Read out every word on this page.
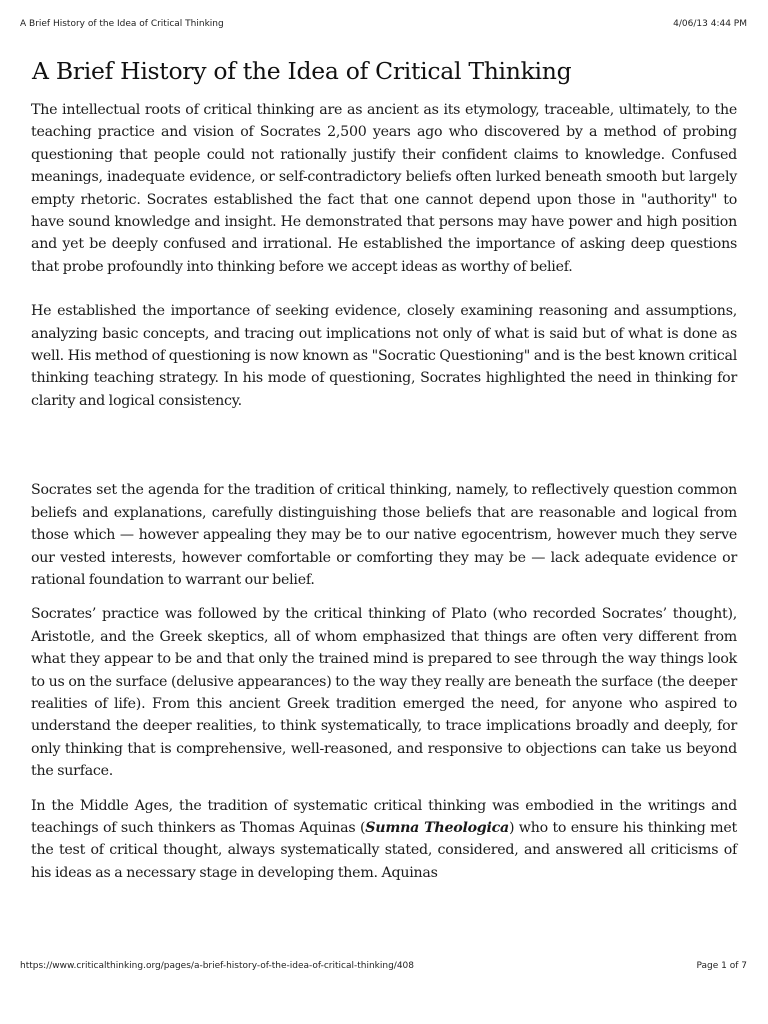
A Brief History of the Idea of Critical Thinking	4/06/13 4:44 PM
A Brief History of the Idea of Critical Thinking

The intellectual roots of critical thinking are as ancient as its etymology, traceable, ultimately, to the teaching practice and vision of Socrates 2,500 years ago who discovered by a method of probing questioning that people could not rationally justify their confident claims to knowledge. Confused meanings, inadequate evidence, or self-contradictory beliefs often lurked beneath smooth but largely empty rhetoric. Socrates established the fact that one cannot depend upon those in "authority" to have sound knowledge and insight. He demonstrated that persons may have power and high position and yet be deeply confused and irrational. He established the importance of asking deep questions that probe profoundly into thinking before we accept ideas as worthy of belief.

He established the importance of seeking evidence, closely examining reasoning and assumptions, analyzing basic concepts, and tracing out implications not only of what is said but of what is done as well. His method of questioning is now known as "Socratic Questioning" and is the best known critical thinking teaching strategy. In his mode of questioning, Socrates highlighted the need in thinking for clarity and logical consistency.

Socrates set the agenda for the tradition of critical thinking, namely, to reflectively question common beliefs and explanations, carefully distinguishing those beliefs that are reasonable and logical from those which — however appealing they may be to our native egocentrism, however much they serve our vested interests, however comfortable or comforting they may be — lack adequate evidence or rational foundation to warrant our belief.

Socrates’ practice was followed by the critical thinking of Plato (who recorded Socrates’ thought), Aristotle, and the Greek skeptics, all of whom emphasized that things are often very different from what they appear to be and that only the trained mind is prepared to see through the way things look to us on the surface (delusive appearances) to the way they really are beneath the surface (the deeper realities of life). From this ancient Greek tradition emerged the need, for anyone who aspired to understand the deeper realities, to think systematically, to trace implications broadly and deeply, for only thinking that is comprehensive, well-reasoned, and responsive to objections can take us beyond the surface.

In the Middle Ages, the tradition of systematic critical thinking was embodied in the writings and teachings of such thinkers as Thomas Aquinas (Sumna Theologica) who to ensure his thinking met the test of critical thought, always systematically stated, considered, and answered all criticisms of his ideas as a necessary stage in developing them. Aquinas

https://www.criticalthinking.org/pages/a-brief-history-of-the-idea-of-critical-thinking/408	Page 1 of 7
